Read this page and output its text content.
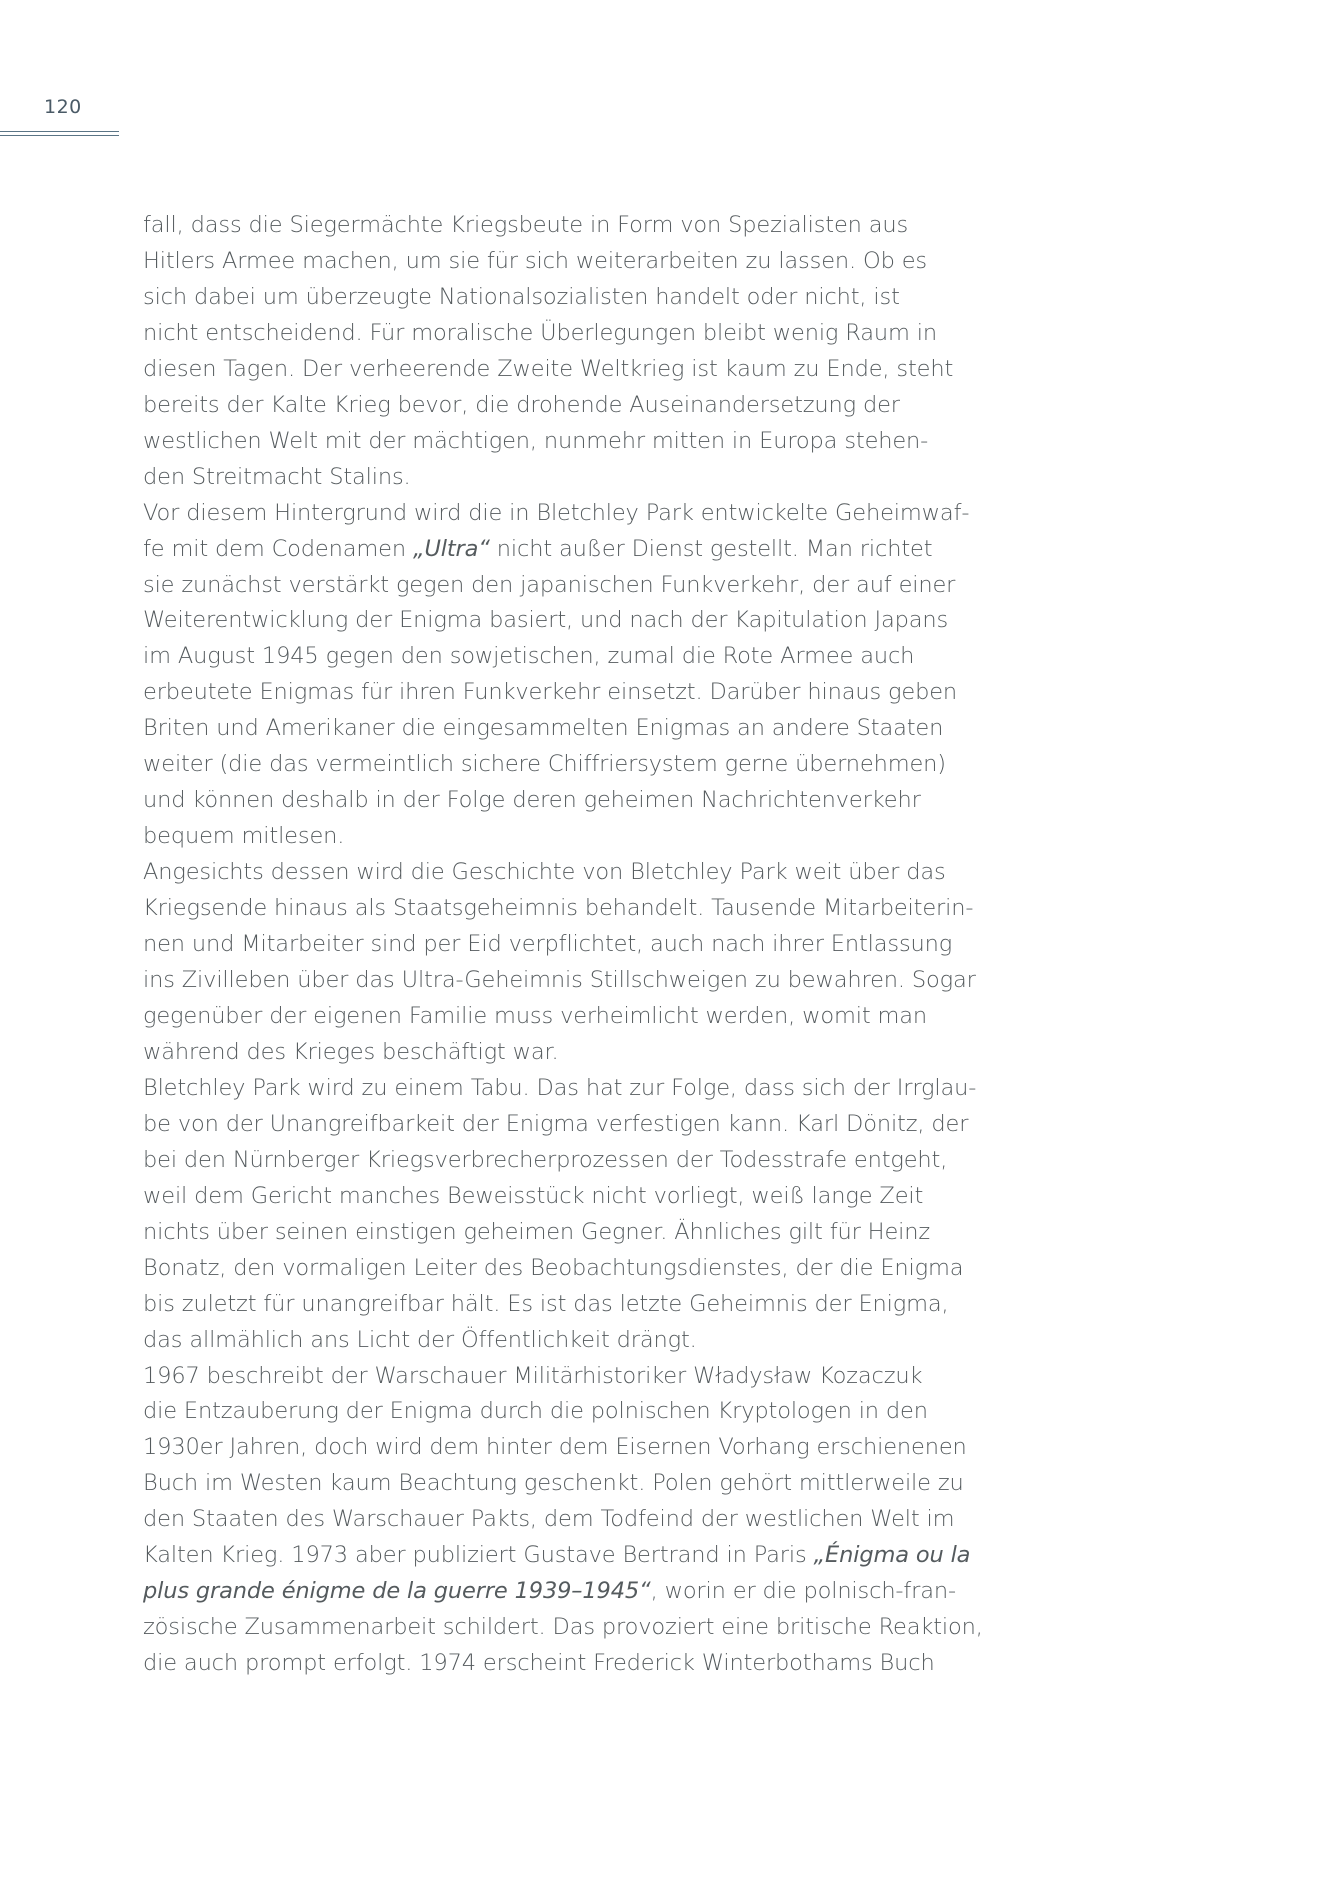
120
fall, dass die Siegermächte Kriegsbeute in Form von Spezialisten aus
Hitlers Armee machen, um sie für sich weiterarbeiten zu lassen. Ob es
sich dabei um überzeugte Nationalsozialisten handelt oder nicht, ist
nicht entscheidend. Für moralische Überlegungen bleibt wenig Raum in
diesen Tagen. Der verheerende Zweite Weltkrieg ist kaum zu Ende, steht
bereits der Kalte Krieg bevor, die drohende Auseinandersetzung der
westlichen Welt mit der mächtigen, nunmehr mitten in Europa stehen-
den Streitmacht Stalins.
Vor diesem Hintergrund wird die in Bletchley Park entwickelte Geheimwaf-
fe mit dem Codenamen „Ultra“ nicht außer Dienst gestellt. Man richtet
sie zunächst verstärkt gegen den japanischen Funkverkehr, der auf einer
Weiterentwicklung der Enigma basiert, und nach der Kapitulation Japans
im August 1945 gegen den sowjetischen, zumal die Rote Armee auch
erbeutete Enigmas für ihren Funkverkehr einsetzt. Darüber hinaus geben
Briten und Amerikaner die eingesammelten Enigmas an andere Staaten
weiter (die das vermeintlich sichere Chiffriersystem gerne übernehmen)
und können deshalb in der Folge deren geheimen Nachrichtenverkehr
bequem mitlesen.
Angesichts dessen wird die Geschichte von Bletchley Park weit über das
Kriegsende hinaus als Staatsgeheimnis behandelt. Tausende Mitarbeiterin-
nen und Mitarbeiter sind per Eid verpflichtet, auch nach ihrer Entlassung
ins Zivilleben über das Ultra-Geheimnis Stillschweigen zu bewahren. Sogar
gegenüber der eigenen Familie muss verheimlicht werden, womit man
während des Krieges beschäftigt war.
Bletchley Park wird zu einem Tabu. Das hat zur Folge, dass sich der Irrglau-
be von der Unangreifbarkeit der Enigma verfestigen kann. Karl Dönitz, der
bei den Nürnberger Kriegsverbrecherprozessen der Todesstrafe entgeht,
weil dem Gericht manches Beweisstück nicht vorliegt, weiß lange Zeit
nichts über seinen einstigen geheimen Gegner. Ähnliches gilt für Heinz
Bonatz, den vormaligen Leiter des Beobachtungsdienstes, der die Enigma
bis zuletzt für unangreifbar hält. Es ist das letzte Geheimnis der Enigma,
das allmählich ans Licht der Öffentlichkeit drängt.
1967 beschreibt der Warschauer Militärhistoriker Władysław Kozaczuk
die Entzauberung der Enigma durch die polnischen Kryptologen in den
1930er Jahren, doch wird dem hinter dem Eisernen Vorhang erschienenen
Buch im Westen kaum Beachtung geschenkt. Polen gehört mittlerweile zu
den Staaten des Warschauer Pakts, dem Todfeind der westlichen Welt im
Kalten Krieg. 1973 aber publiziert Gustave Bertrand in Paris „Énigma ou la
plus grande énigme de la guerre 1939–1945“, worin er die polnisch-fran-
zösische Zusammenarbeit schildert. Das provoziert eine britische Reaktion,
die auch prompt erfolgt. 1974 erscheint Frederick Winterbothams Buch
